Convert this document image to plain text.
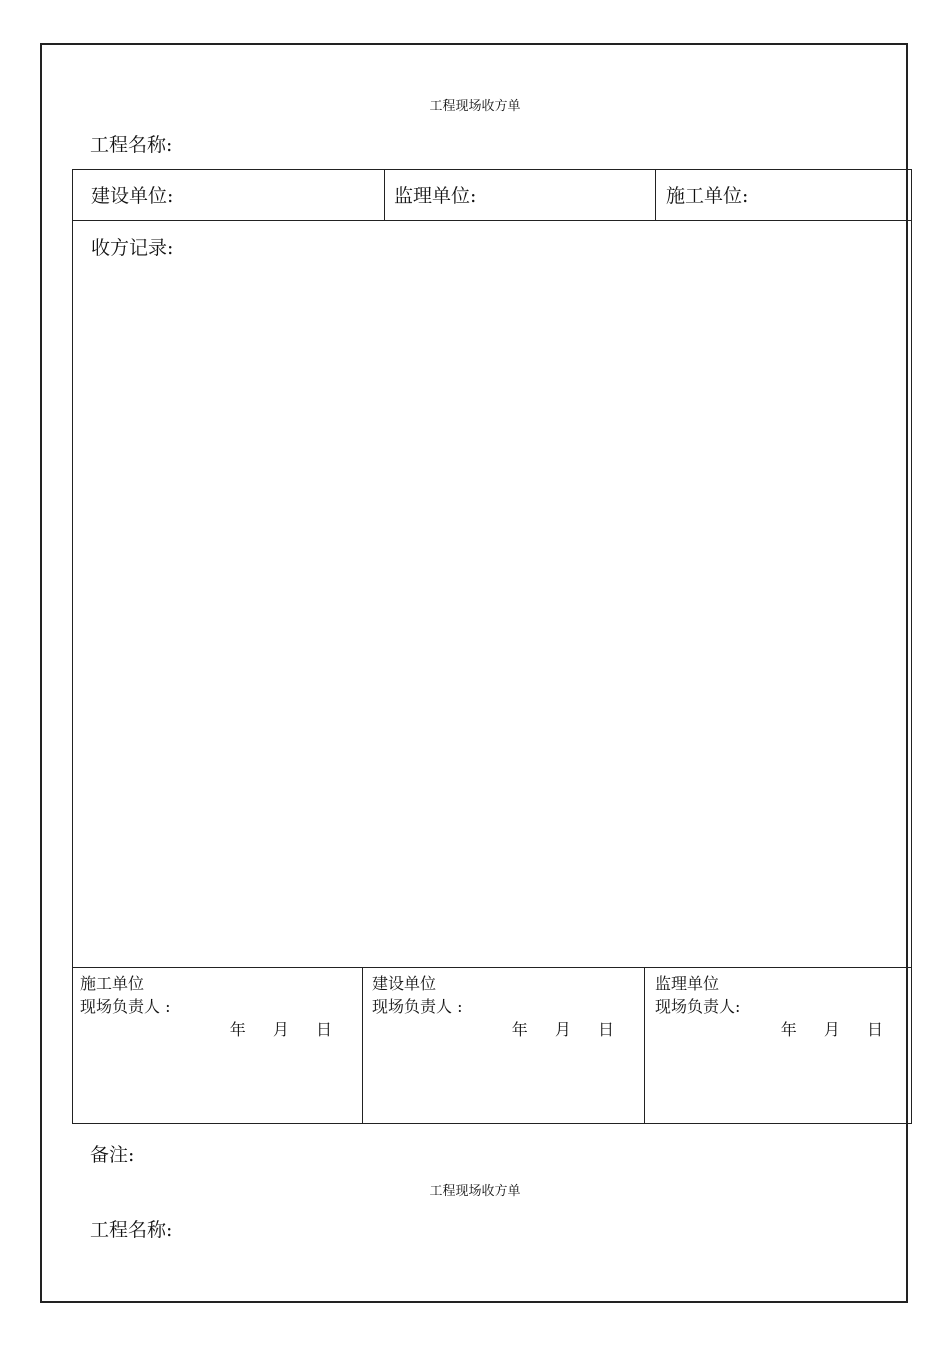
工程现场收方单
工程名称:
建设单位:	监理单位:	施工单位:
收方记录:
施工单位
现场负责人 :
年 月 日
建设单位
现场负责人 :
年 月 日
监理单位
现场负责人:
年 月 日
备注:
工程现场收方单
工程名称:
